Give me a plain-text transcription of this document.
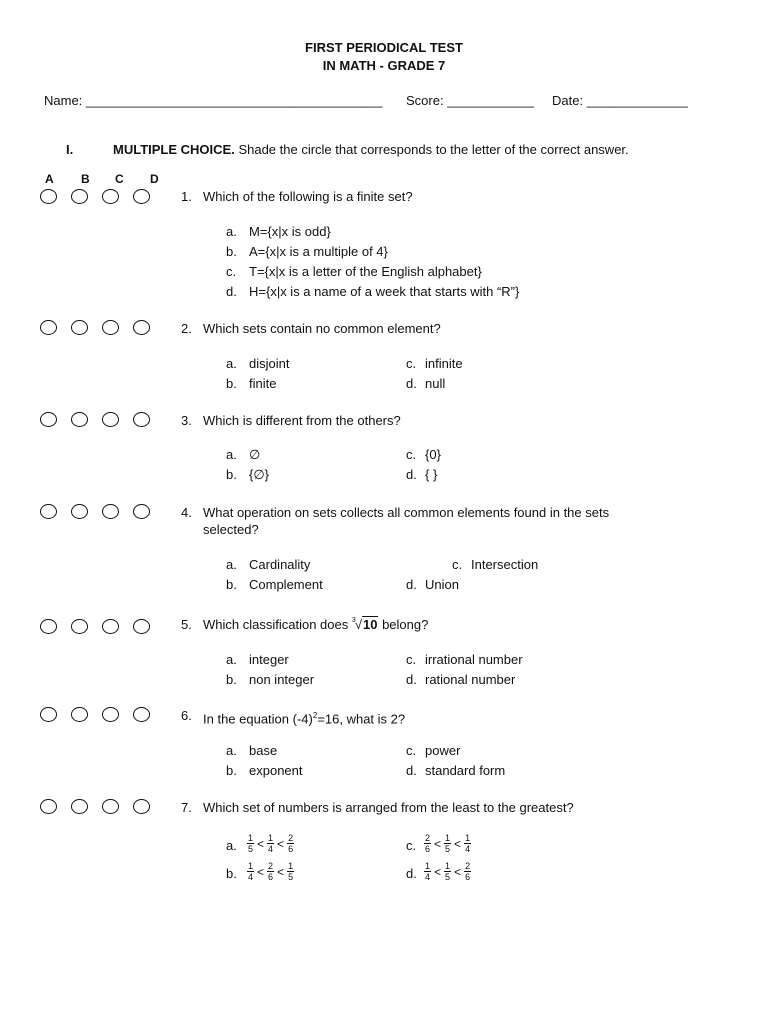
FIRST PERIODICAL TEST
IN MATH - GRADE 7
Name: _________________________________________ Score: ____________ Date: ______________
I.	MULTIPLE CHOICE. Shade the circle that corresponds to the letter of the correct answer.
A B C D
1. Which of the following is a finite set?
a. M={x|x is odd}
b. A={x|x is a multiple of 4}
c. T={x|x is a letter of the English alphabet}
d. H={x|x is a name of a week that starts with “R”}
2. Which sets contain no common element?
a. disjoint
b. finite
c. infinite
d. null
3. Which is different from the others?
a. ∅
b. {∅}
c. {0}
d. { }
4. What operation on sets collects all common elements found in the sets
selected?
a. Cardinality
b. Complement
c. Intersection
d. Union
5. Which classification does 3 √10 belong?
a. integer
b. non integer
c. irrational number
d. rational number
6. In the equation $(-4)^2=16$, what is 2?
a. base
b. exponent
c. power
d. standard form
7. Which set of numbers is arranged from the least to the greatest?
a. $\frac{1}{5} < \frac{1}{4} < \frac{2}{6}$
b. $\frac{1}{4} < \frac{2}{6} < \frac{1}{5}$
c. $\frac{2}{6} < \frac{1}{5} < \frac{1}{4}$
d. $\frac{1}{4} < \frac{1}{5} < \frac{2}{6}$
